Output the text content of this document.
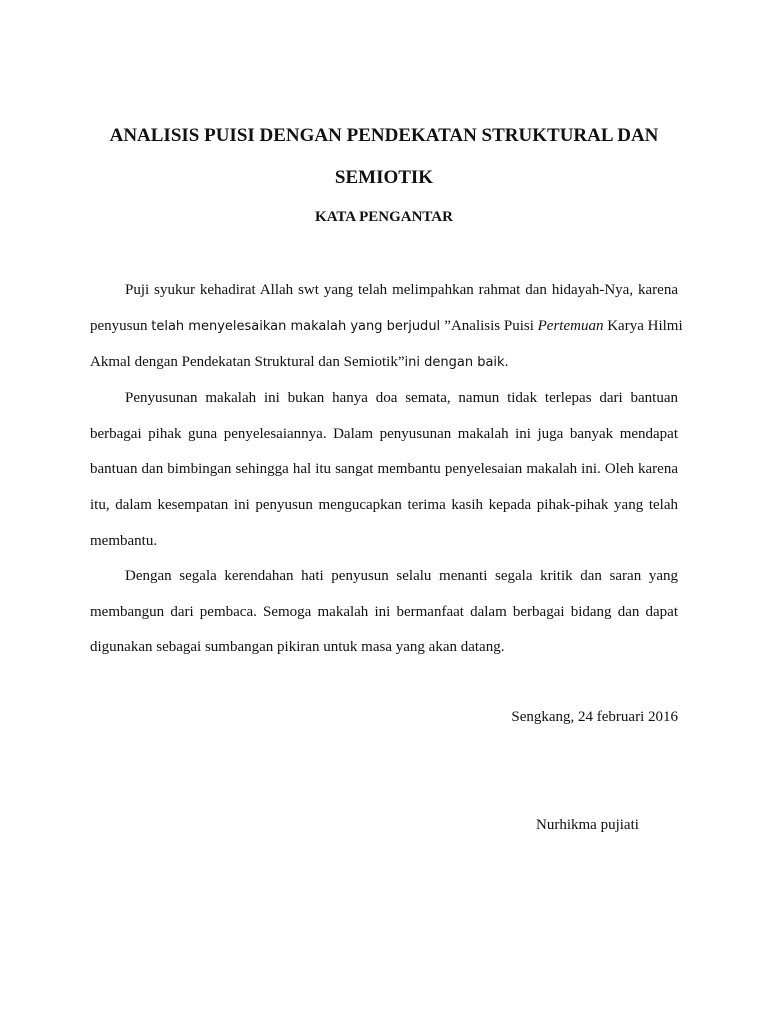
ANALISIS PUISI DENGAN PENDEKATAN STRUKTURAL DAN

SEMIOTIK

KATA PENGANTAR

Puji syukur kehadirat Allah swt yang telah melimpahkan rahmat dan hidayah-Nya, karena

penyusun telah menyelesaikan makalah yang berjudul ”Analisis Puisi Pertemuan Karya Hilmi

Akmal dengan Pendekatan Struktural dan Semiotik”ini dengan baik.

Penyusunan makalah ini bukan hanya doa semata, namun tidak terlepas dari bantuan

berbagai pihak guna penyelesaiannya. Dalam penyusunan makalah ini juga banyak mendapat

bantuan dan bimbingan sehingga hal itu sangat membantu penyelesaian makalah ini. Oleh karena

itu, dalam kesempatan ini penyusun mengucapkan terima kasih kepada pihak-pihak yang telah

membantu.

Dengan segala kerendahan hati penyusun selalu menanti segala kritik dan saran yang

membangun dari pembaca. Semoga makalah ini bermanfaat dalam berbagai bidang dan dapat

digunakan sebagai sumbangan pikiran untuk masa yang akan datang.

Sengkang, 24 februari 2016

Nurhikma pujiati
